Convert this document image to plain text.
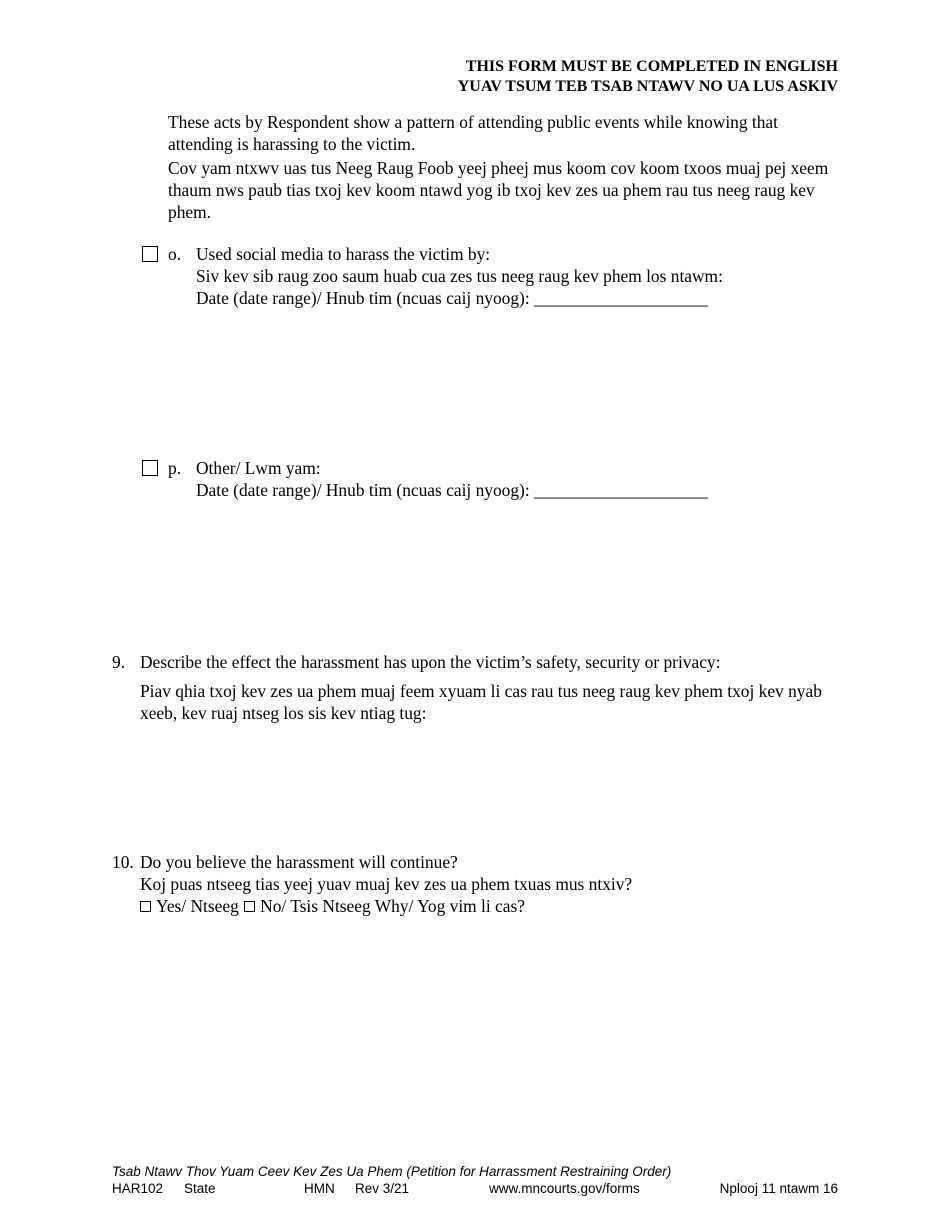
THIS FORM MUST BE COMPLETED IN ENGLISH
YUAV TSUM TEB TSAB NTAWV NO UA LUS ASKIV
These acts by Respondent show a pattern of attending public events while knowing that attending is harassing to the victim.
Cov yam ntxwv uas tus Neeg Raug Foob yeej pheej mus koom cov koom txoos muaj pej xeem thaum nws paub tias txoj kev koom ntawd yog ib txoj kev zes ua phem rau tus neeg raug kev phem.
o. Used social media to harass the victim by:
Siv kev sib raug zoo saum huab cua zes tus neeg raug kev phem los ntawm:
Date (date range)/ Hnub tim (ncuas caij nyoog): ____________________
p. Other/ Lwm yam:
Date (date range)/ Hnub tim (ncuas caij nyoog): ____________________
9. Describe the effect the harassment has upon the victim’s safety, security or privacy:
Piav qhia txoj kev zes ua phem muaj feem xyuam li cas rau tus neeg raug kev phem txoj kev nyab xeeb, kev ruaj ntseg los sis kev ntiag tug:
10. Do you believe the harassment will continue?
Koj puas ntseeg tias yeej yuav muaj kev zes ua phem txuas mus ntxiv?
Yes/ Ntseeg No/ Tsis Ntseeg Why/ Yog vim li cas?
Tsab Ntawv Thov Yuam Ceev Kev Zes Ua Phem (Petition for Harrassment Restraining Order)
HAR102 State	HMN Rev 3/21	www.mncourts.gov/forms	Nplooj 11 ntawm 16
